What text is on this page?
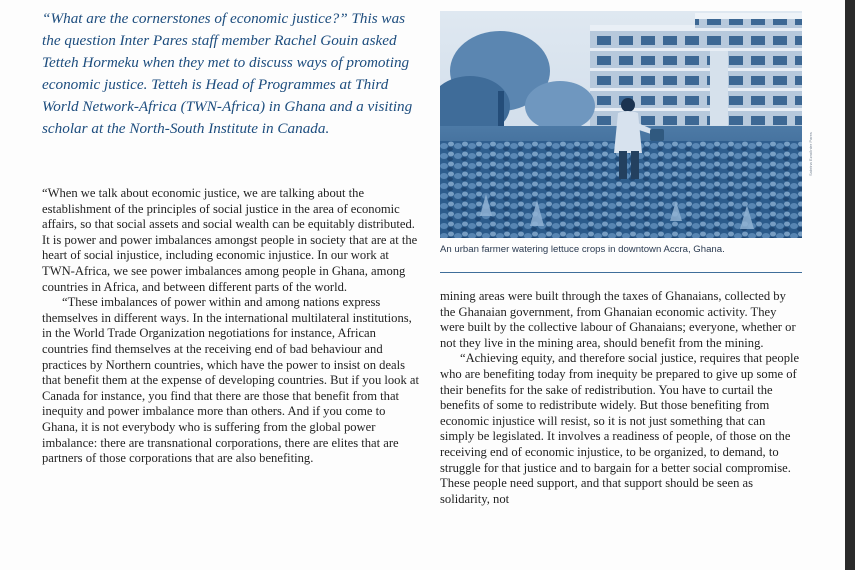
“What are the cornerstones of economic justice?” This was the question Inter Pares staff member Rachel Gouin asked Tetteh Hormeku when they met to discuss ways of promoting economic justice. Tetteh is Head of Programmes at Third World Network-Africa (TWN-Africa) in Ghana and a visiting scholar at the North-South Institute in Canada.

“When we talk about economic justice, we are talking about the establishment of the principles of social justice in the area of economic affairs, so that social assets and social wealth can be equitably distributed. It is power and power imbalances amongst people in society that are at the heart of social injustice, including economic injustice. In our work at TWN-Africa, we see power imbalances among people in Ghana, among countries in Africa, and between different parts of the world.

“These imbalances of power within and among nations express themselves in different ways. In the international multilateral institutions, in the World Trade Organization negotiations for instance, African countries find themselves at the receiving end of bad behaviour and practices by Northern countries, which have the power to insist on deals that benefit them at the expense of developing countries. But if you look at Canada for instance, you find that there are those that benefit from that inequity and power imbalance more than others. And if you come to Ghana, it is not everybody who is suffering from the global power imbalance: there are transnational corporations, there are elites that are partners of those corporations that are also benefiting.

Sabrina Ezra/Inter Pares
An urban farmer watering lettuce crops in downtown Accra, Ghana.

mining areas were built through the taxes of Ghanaians, collected by the Ghanaian government, from Ghanaian economic activity. They were built by the collective labour of Ghanaians; everyone, whether or not they live in the mining area, should benefit from the mining.

“Achieving equity, and therefore social justice, requires that people who are benefiting today from inequity be prepared to give up some of their benefits for the sake of redistribution. You have to curtail the benefits of some to redistribute widely. But those benefiting from economic injustice will resist, so it is not just something that can simply be legislated. It involves a readiness of people, of those on the receiving end of economic injustice, to be organized, to demand, to struggle for that justice and to bargain for a better social compromise. These people need support, and that support should be seen as solidarity, not
